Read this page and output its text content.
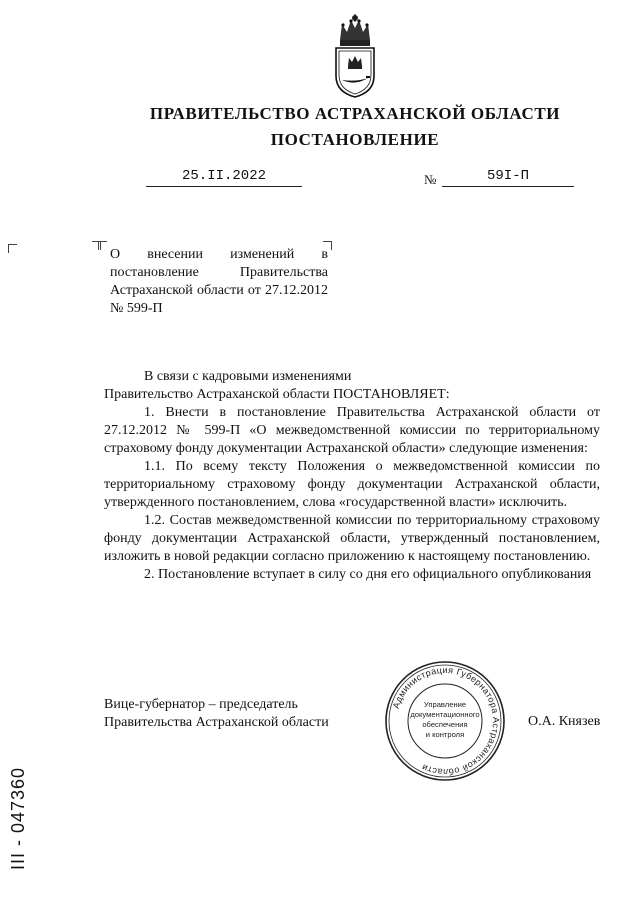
ПРАВИТЕЛЬСТВО АСТРАХАНСКОЙ ОБЛАСТИ
ПОСТАНОВЛЕНИЕ
25.II.2022	№	59I-П
О внесении изменений в постановление Правительства Астраханской области от 27.12.2012 № 599-П

В связи с кадровыми изменениями

Правительство Астраханской области ПОСТАНОВЛЯЕТ:

1. Внести в постановление Правительства Астраханской области от 27.12.2012 № 599-П «О межведомственной комиссии по территориальному страховому фонду документации Астраханской области» следующие изменения:

1.1. По всему тексту Положения о межведомственной комиссии по территориальному страховому фонду документации Астраханской области, утвержденного постановлением, слова «государственной власти» исключить.

1.2. Состав межведомственной комиссии по территориальному страховому фонду документации Астраханской области, утвержденный постановлением, изложить в новой редакции согласно приложению к настоящему постановлению.

2. Постановление вступает в силу со дня его официального опубликования

Вице-губернатор – председатель
Правительства Астраханской области	О.А. Князев
Администрация Губернатора Астраханской области
Управление
документационного
обеспечения
и контроля
III - 047360
